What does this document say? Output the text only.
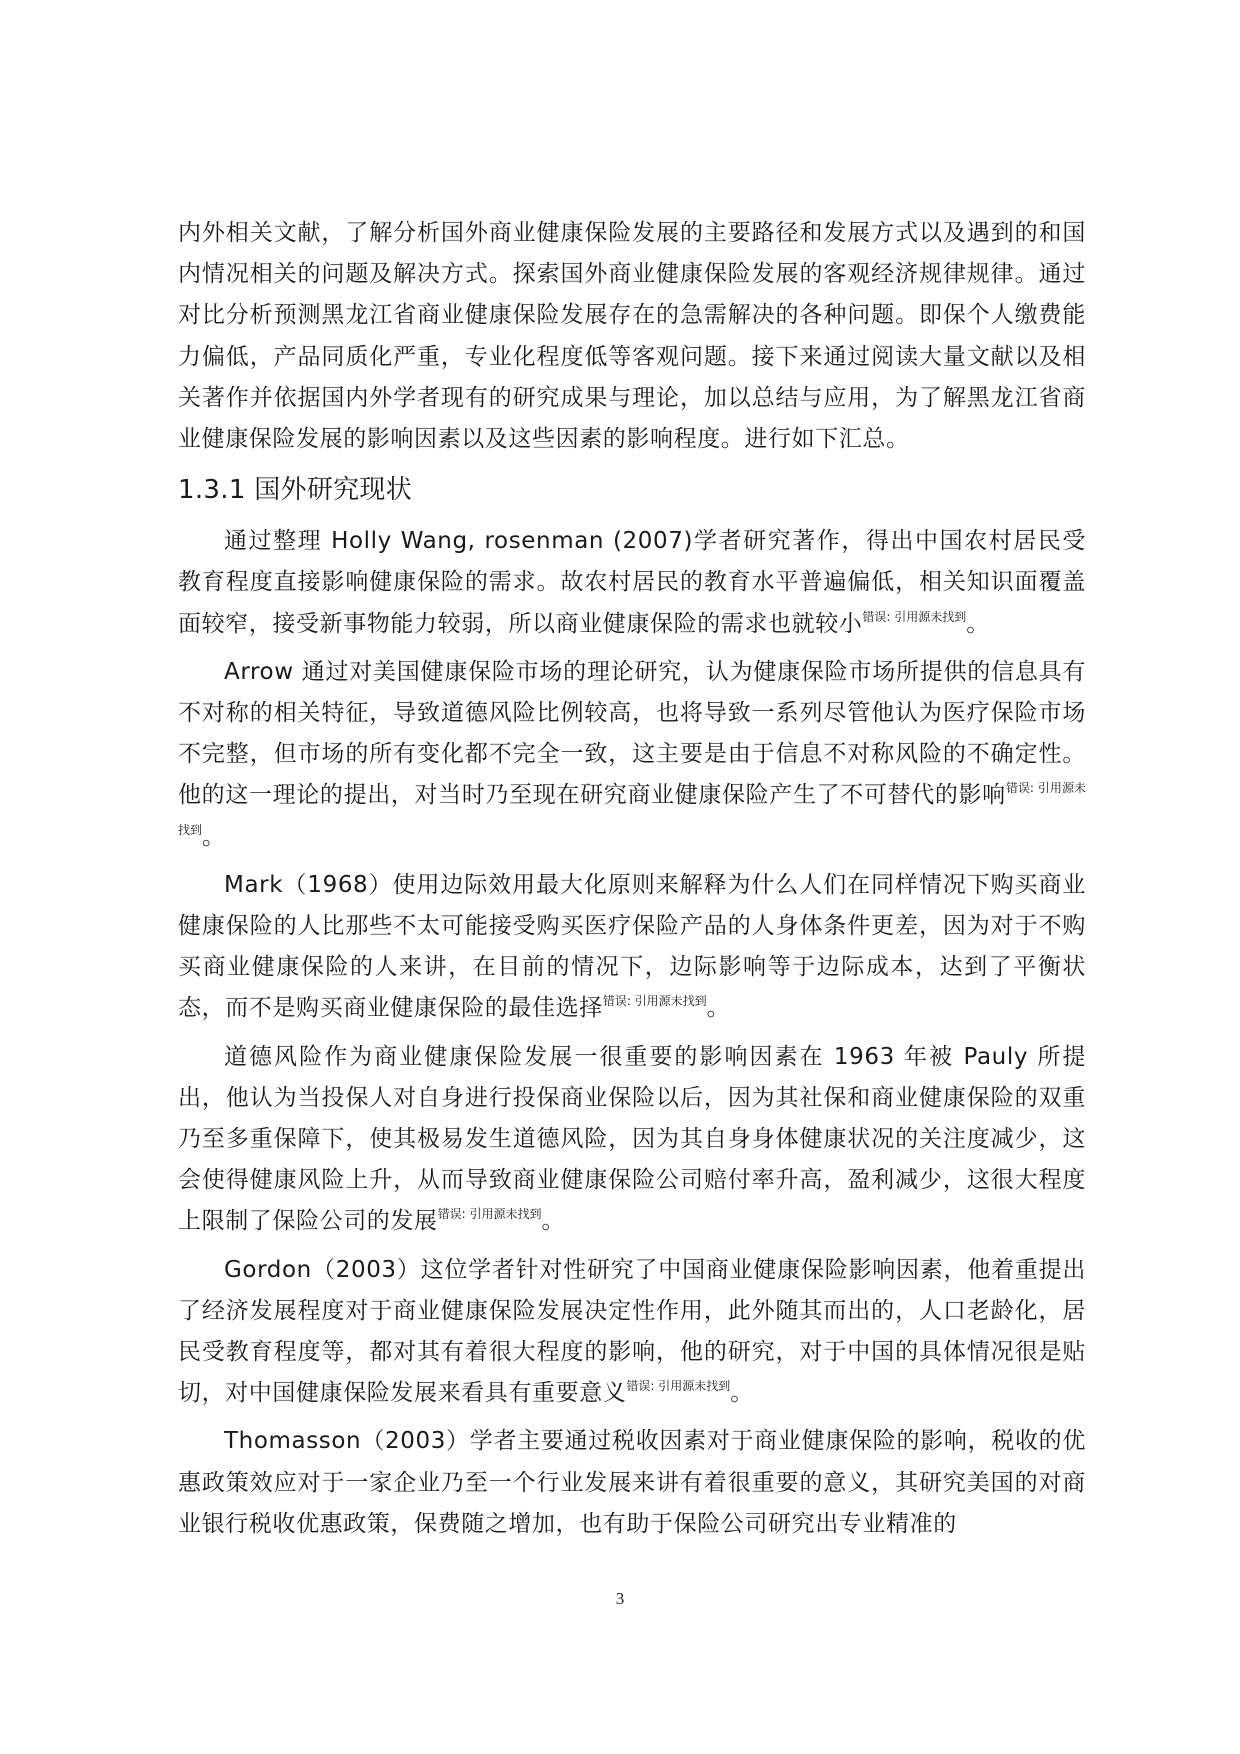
内外相关文献，了解分析国外商业健康保险发展的主要路径和发展方式以及遇到的和国内情况相关的问题及解决方式。探索国外商业健康保险发展的客观经济规律规律。通过对比分析预测黑龙江省商业健康保险发展存在的急需解决的各种问题。即保个人缴费能力偏低，产品同质化严重，专业化程度低等客观问题。接下来通过阅读大量文献以及相关著作并依据国内外学者现有的研究成果与理论，加以总结与应用，为了解黑龙江省商业健康保险发展的影响因素以及这些因素的影响程度。进行如下汇总。

1.3.1 国外研究现状

通过整理 Holly Wang, rosenman (2007)学者研究著作，得出中国农村居民受教育程度直接影响健康保险的需求。故农村居民的教育水平普遍偏低，相关知识面覆盖面较窄，接受新事物能力较弱，所以商业健康保险的需求也就较小$^{错误: 引用源未找到}$。

Arrow 通过对美国健康保险市场的理论研究，认为健康保险市场所提供的信息具有不对称的相关特征，导致道德风险比例较高，也将导致一系列尽管他认为医疗保险市场不完整，但市场的所有变化都不完全一致，这主要是由于信息不对称风险的不确定性。他的这一理论的提出，对当时乃至现在研究商业健康保险产生了不可替代的影响$^{错误: 引用源未找到}$。

Mark（1968）使用边际效用最大化原则来解释为什么人们在同样情况下购买商业健康保险的人比那些不太可能接受购买医疗保险产品的人身体条件更差，因为对于不购买商业健康保险的人来讲，在目前的情况下，边际影响等于边际成本，达到了平衡状态，而不是购买商业健康保险的最佳选择$^{错误: 引用源未找到}$。

道德风险作为商业健康保险发展一很重要的影响因素在 1963 年被 Pauly 所提出，他认为当投保人对自身进行投保商业保险以后，因为其社保和商业健康保险的双重乃至多重保障下，使其极易发生道德风险，因为其自身身体健康状况的关注度减少，这会使得健康风险上升，从而导致商业健康保险公司赔付率升高，盈利减少，这很大程度上限制了保险公司的发展$^{错误: 引用源未找到}$。

Gordon（2003）这位学者针对性研究了中国商业健康保险影响因素，他着重提出了经济发展程度对于商业健康保险发展决定性作用，此外随其而出的，人口老龄化，居民受教育程度等，都对其有着很大程度的影响，他的研究，对于中国的具体情况很是贴切，对中国健康保险发展来看具有重要意义$^{错误: 引用源未找到}$。

Thomasson（2003）学者主要通过税收因素对于商业健康保险的影响，税收的优惠政策效应对于一家企业乃至一个行业发展来讲有着很重要的意义，其研究美国的对商业银行税收优惠政策，保费随之增加，也有助于保险公司研究出专业精准的

3
